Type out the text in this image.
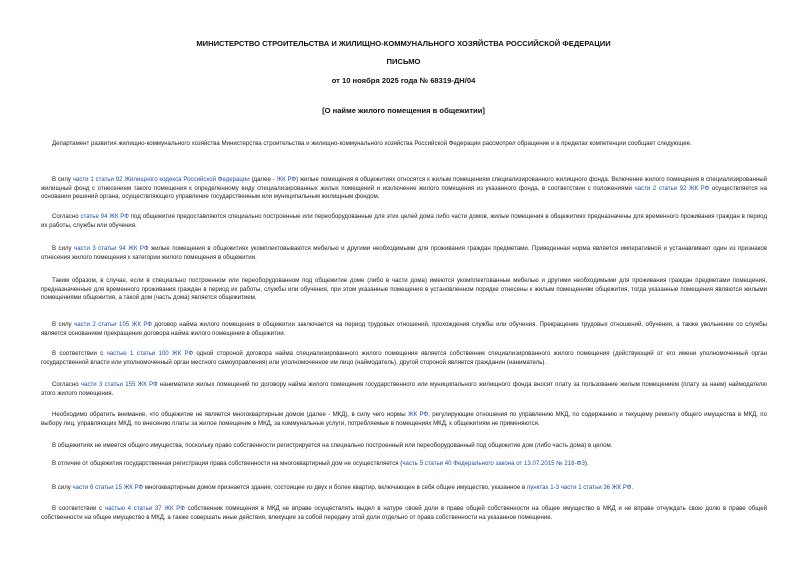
МИНИСТЕРСТВО СТРОИТЕЛЬСТВА И ЖИЛИЩНО-КОММУНАЛЬНОГО ХОЗЯЙСТВА РОССИЙСКОЙ ФЕДЕРАЦИИ
ПИСЬМО
от 10 ноября 2025 года № 68319-ДН/04
[О найме жилого помещения в общежитии]
Департамент развития жилищно-коммунального хозяйства Министерства строительства и жилищно-коммунального хозяйства Российской Федерации рассмотрел обращение и в пределах компетенции сообщает следующее.
В силу части 1 статьи 92 Жилищного кодекса Российской Федерации (далее - ЖК РФ) жилые помещения в общежитиях относятся к жилым помещениям специализированного жилищного фонда. Включение жилого помещения в специализированный жилищный фонд с отнесением такого помещения к определенному виду специализированных жилых помещений и исключение жилого помещения из указанного фонда, в соответствии с положениями части 2 статьи 92 ЖК РФ осуществляется на основании решений органа, осуществляющего управление государственным или муниципальным жилищным фондом.
Согласно статье 94 ЖК РФ под общежития предоставляются специально построенные или переоборудованные для этих целей дома либо части домов, жилые помещения в общежитиях предназначены для временного проживания граждан в период их работы, службы или обучения.
В силу части 3 статьи 94 ЖК РФ жилые помещения в общежитиях укомплектовываются мебелью и другими необходимыми для проживания граждан предметами. Приведенная норма является императивной и устанавливает один из признаков отнесения жилого помещения к категории жилого помещения в общежитии.
Таким образом, в случае, если в специально построенном или переоборудованном под общежитие доме (либо в части дома) имеются укомплектованные мебелью и другими необходимыми для проживания граждан предметами помещения, предназначенные для временного проживания граждан в период их работы, службы или обучения, при этом указанные помещения в установленном порядке отнесены к жилым помещениям общежития, тогда указанные помещения являются жилыми помещениями общежития, а такой дом (часть дома) является общежитием.
В силу части 2 статьи 105 ЖК РФ договор найма жилого помещения в общежитии заключается на период трудовых отношений, прохождения службы или обучения. Прекращение трудовых отношений, обучения, а также увольнение со службы является основанием прекращения договора найма жилого помещения в общежитии.
В соответствии с частью 1 статьи 100 ЖК РФ одной стороной договора найма специализированного жилого помещения является собственник специализированного жилого помещения (действующий от его имени уполномоченный орган государственной власти или уполномоченный орган местного самоуправления) или уполномоченное им лицо (наймодатель), другой стороной является гражданин (наниматель).
Согласно части 3 статьи 155 ЖК РФ наниматели жилых помещений по договору найма жилого помещения государственного или муниципального жилищного фонда вносят плату за пользование жилым помещением (плату за наем) наймодателю этого жилого помещения.
Необходимо обратить внимание, что общежитие не является многоквартирным домом (далее - МКД), в силу чего нормы ЖК РФ, регулирующие отношения по управлению МКД, по содержанию и текущему ремонту общего имущества в МКД, по выбору лиц, управляющих МКД, по внесению платы за жилое помещение в МКД, за коммунальные услуги, потребляемые в помещениях МКД, к общежитиям не применяются.
В общежитиях не имеется общего имущества, поскольку право собственности регистрируется на специально построенный или переоборудованный под общежитие дом (либо часть дома) в целом.
В отличие от общежития государственная регистрация права собственности на многоквартирный дом не осуществляется (часть 5 статьи 40 Федерального закона от 13.07.2015 № 218-ФЗ).
В силу части 6 статьи 15 ЖК РФ многоквартирным домом признается здание, состоящее из двух и более квартир, включающее в себя общее имущество, указанное в пунктах 1-3 части 1 статьи 36 ЖК РФ.
В соответствии с частью 4 статьи 37 ЖК РФ собственник помещения в МКД не вправе осуществлять выдел в натуре своей доли в праве общей собственности на общее имущество в МКД и не вправе отчуждать свою долю в праве общей собственности на общее имущество в МКД, а также совершать иные действия, влекущие за собой передачу этой доли отдельно от права собственности на указанное помещение.
